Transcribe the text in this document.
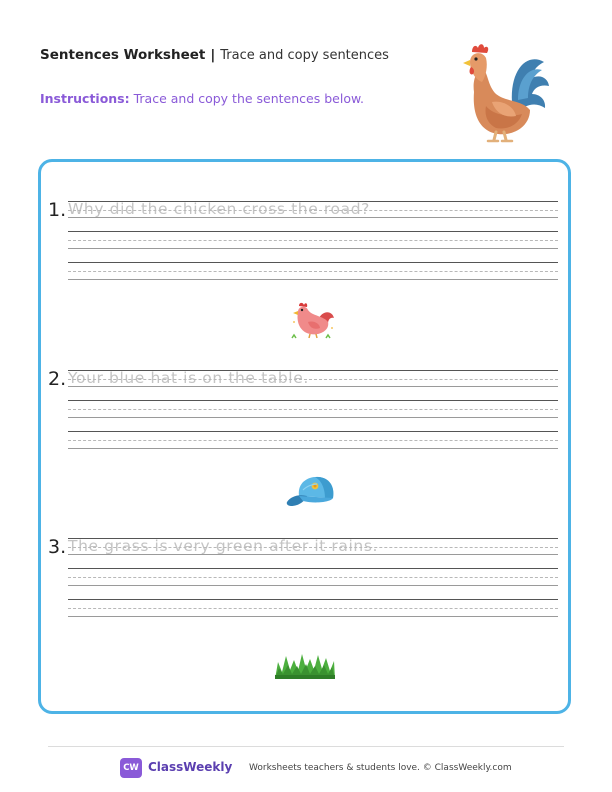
Sentences Worksheet | Trace and copy sentences
Instructions: Trace and copy the sentences below.
1. Why did the chicken cross the road?
2. Your blue hat is on the table.
3. The grass is very green after it rains.
CW ClassWeekly Worksheets teachers & students love. © ClassWeekly.com
